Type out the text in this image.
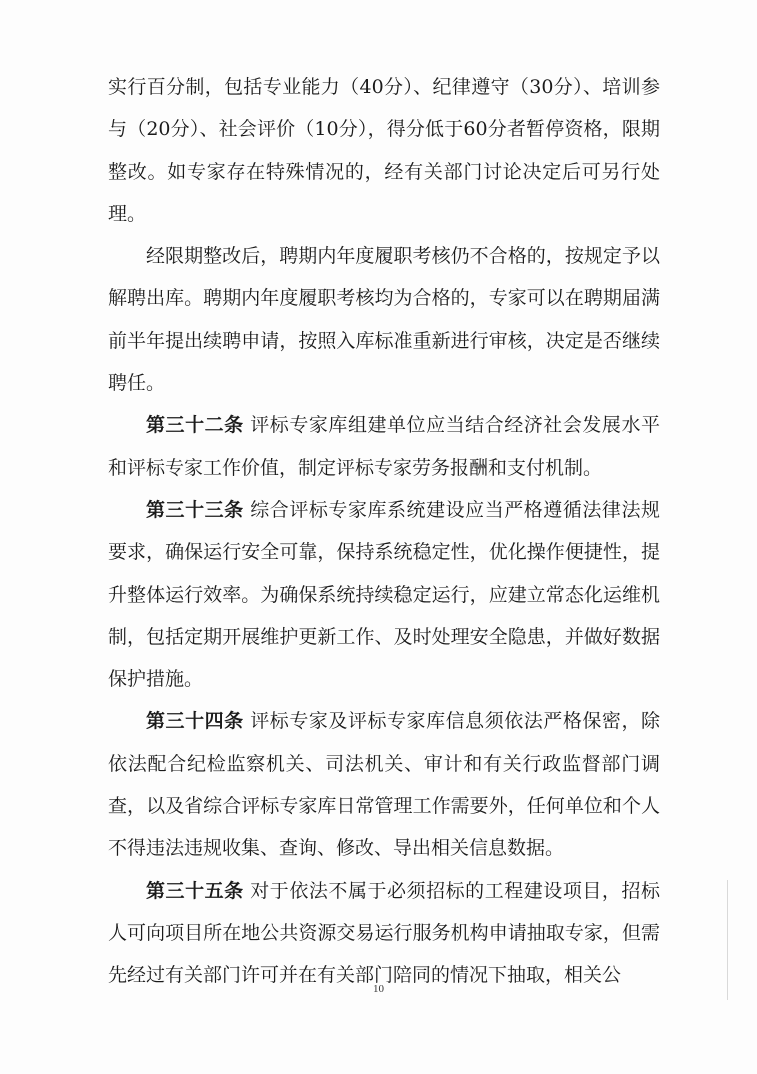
实行百分制，包括专业能力（40分）、纪律遵守（30分）、培训参与（20分）、社会评价（10分），得分低于60分者暂停资格，限期整改。如专家存在特殊情况的，经有关部门讨论决定后可另行处理。

经限期整改后，聘期内年度履职考核仍不合格的，按规定予以解聘出库。聘期内年度履职考核均为合格的，专家可以在聘期届满前半年提出续聘申请，按照入库标准重新进行审核，决定是否继续聘任。

第三十二条 评标专家库组建单位应当结合经济社会发展水平和评标专家工作价值，制定评标专家劳务报酬和支付机制。

第三十三条 综合评标专家库系统建设应当严格遵循法律法规要求，确保运行安全可靠，保持系统稳定性，优化操作便捷性，提升整体运行效率。为确保系统持续稳定运行，应建立常态化运维机制，包括定期开展维护更新工作、及时处理安全隐患，并做好数据保护措施。

第三十四条 评标专家及评标专家库信息须依法严格保密，除依法配合纪检监察机关、司法机关、审计和有关行政监督部门调查，以及省综合评标专家库日常管理工作需要外，任何单位和个人不得违法违规收集、查询、修改、导出相关信息数据。

第三十五条 对于依法不属于必须招标的工程建设项目，招标人可向项目所在地公共资源交易运行服务机构申请抽取专家，但需先经过有关部门许可并在有关部门陪同的情况下抽取，相关公

10
